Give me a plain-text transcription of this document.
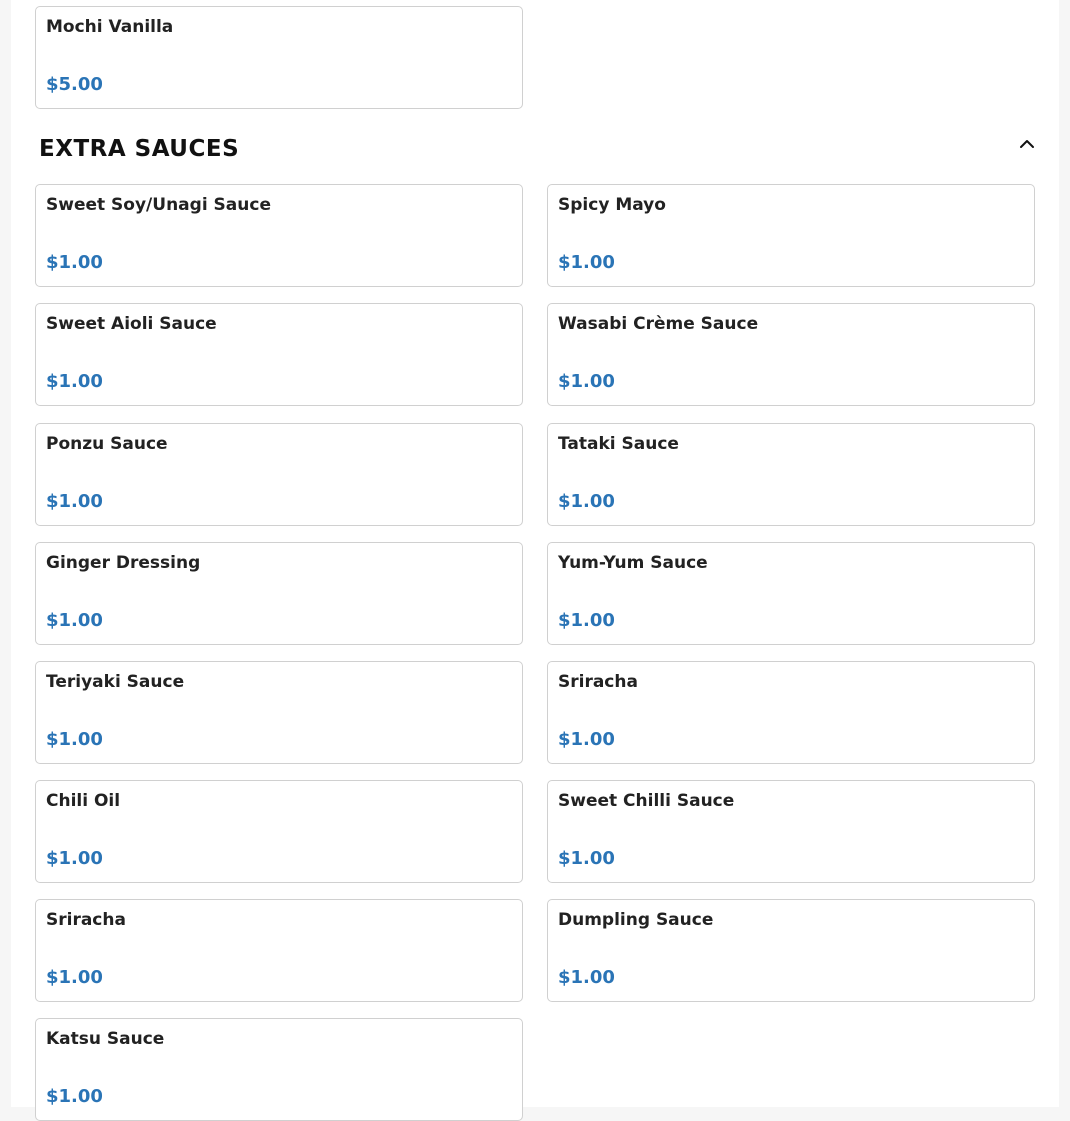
Mochi Vanilla
$5.00
EXTRA SAUCES
Sweet Soy/Unagi Sauce
$1.00
Spicy Mayo
$1.00
Sweet Aioli Sauce
$1.00
Wasabi Crème Sauce
$1.00
Ponzu Sauce
$1.00
Tataki Sauce
$1.00
Ginger Dressing
$1.00
Yum-Yum Sauce
$1.00
Teriyaki Sauce
$1.00
Sriracha
$1.00
Chili Oil
$1.00
Sweet Chilli Sauce
$1.00
Sriracha
$1.00
Dumpling Sauce
$1.00
Katsu Sauce
$1.00
